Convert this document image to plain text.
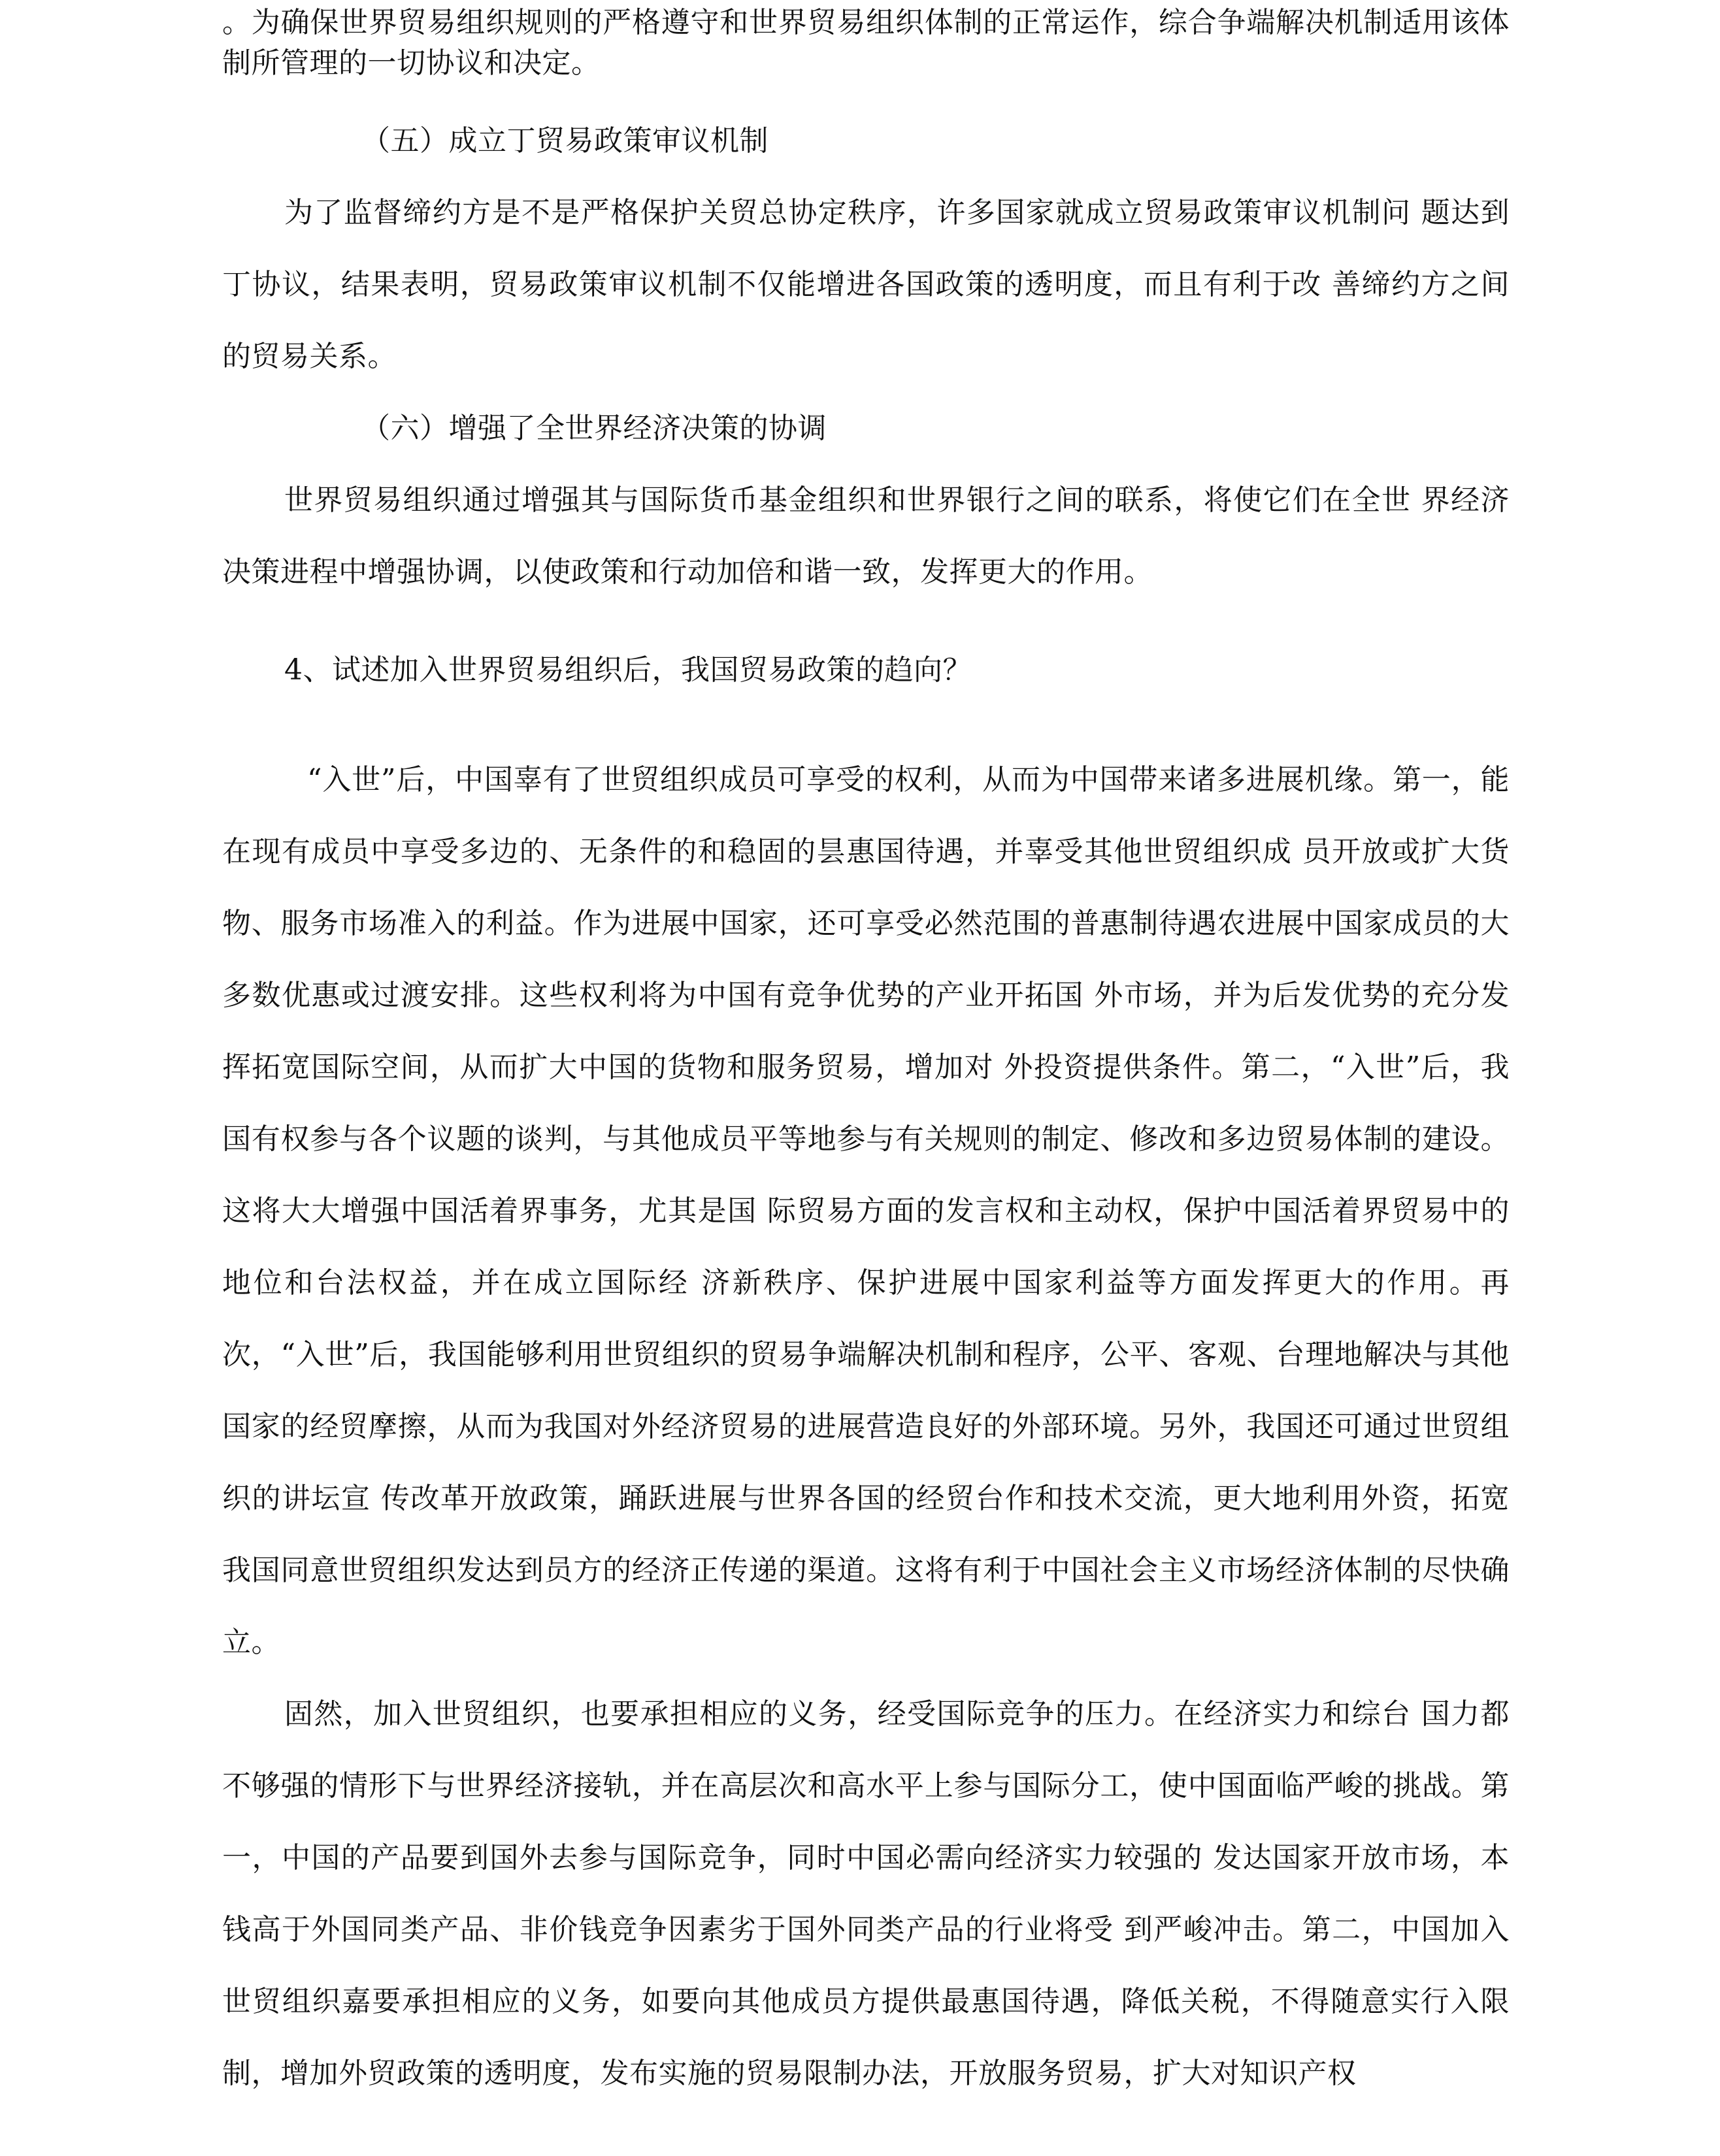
。为确保世界贸易组织规则的严格遵守和世界贸易组织体制的正常运作，综合争端解决机制适用该体制所管理的一切协议和决定。

（五）成立丁贸易政策审议机制

为了监督缔约方是不是严格保护关贸总协定秩序，许多国家就成立贸易政策审议机制问 题达到丁协议，结果表明，贸易政策审议机制不仅能增进各国政策的透明度，而且有利于改 善缔约方之间的贸易关系。

（六）增强了全世界经济决策的协调

世界贸易组织通过增强其与国际货币基金组织和世界银行之间的联系，将使它们在全世 界经济决策进程中增强协调，以使政策和行动加倍和谐一致，发挥更大的作用。

4、试述加入世界贸易组织后，我国贸易政策的趋向？

“入世”后，中国辜有了世贸组织成员可享受的权利，从而为中国带来诸多进展机缘。第一，能在现有成员中享受多边的、无条件的和稳固的昙惠国待遇，并辜受其他世贸组织成 员开放或扩大货物、服务市场准入的利益。作为进展中国家，还可享受必然范围的普惠制待遇农进展中国家成员的大多数优惠或过渡安排。这些权利将为中国有竞争优势的产业开拓国 外市场，并为后发优势的充分发挥拓宽国际空间，从而扩大中国的货物和服务贸易，增加对 外投资提供条件。第二，“入世”后，我国有权参与各个议题的谈判，与其他成员平等地参与有关规则的制定、修改和多边贸易体制的建设。这将大大增强中国活着界事务，尤其是国 际贸易方面的发言权和主动权，保护中国活着界贸易中的地位和台法权益，并在成立国际经 济新秩序、保护进展中国家利益等方面发挥更大的作用。再次，“入世”后，我国能够利用世贸组织的贸易争端解决机制和程序，公平、客观、台理地解决与其他国家的经贸摩擦，从而为我国对外经济贸易的进展营造良好的外部环境。另外，我国还可通过世贸组织的讲坛宣 传改革开放政策，踊跃进展与世界各国的经贸台作和技术交流，更大地利用外资，拓宽我国同意世贸组织发达到员方的经济正传递的渠道。这将有利于中国社会主义市场经济体制的尽快确立。

固然，加入世贸组织，也要承担相应的义务，经受国际竞争的压力。在经济实力和综台 国力都不够强的情形下与世界经济接轨，并在高层次和高水平上参与国际分工，使中国面临严峻的挑战。第一，中国的产品要到国外去参与国际竞争，同时中国必需向经济实力较强的 发达国家开放市场，本钱高于外国同类产品、非价钱竞争因素劣于国外同类产品的行业将受 到严峻冲击。第二，中国加入世贸组织嘉要承担相应的义务，如要向其他成员方提供最惠国待遇，降低关税，不得随意实行入限制，增加外贸政策的透明度，发布实施的贸易限制办法，开放服务贸易，扩大对知识产权
